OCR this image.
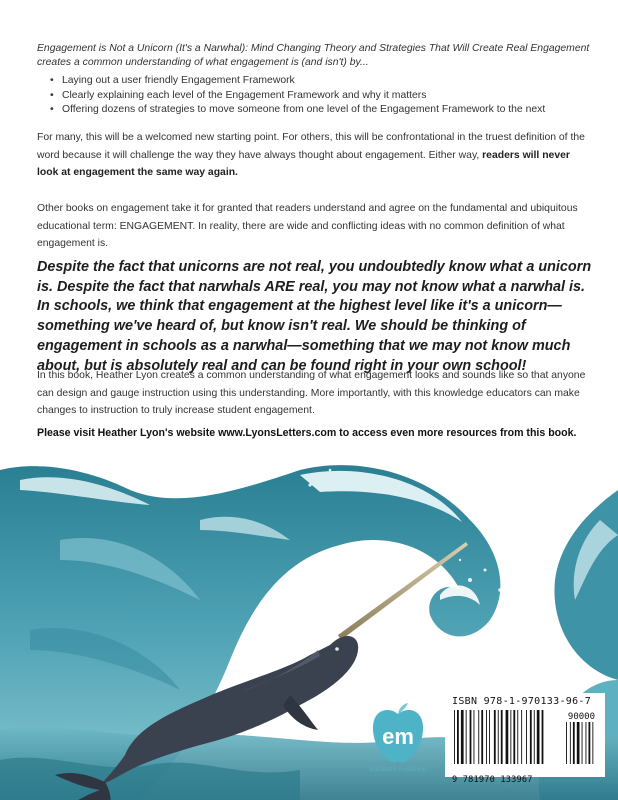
Engagement is Not a Unicorn (It's a Narwhal): Mind Changing Theory and Strategies That Will Create Real Engagement creates a common understanding of what engagement is (and isn't) by...
• Laying out a user friendly Engagement Framework
• Clearly explaining each level of the Engagement Framework and why it matters
• Offering dozens of strategies to move someone from one level of the Engagement Framework to the next
For many, this will be a welcomed new starting point. For others, this will be confrontational in the truest definition of the word because it will challenge the way they have always thought about engagement. Either way, readers will never look at engagement the same way again.
Other books on engagement take it for granted that readers understand and agree on the fundamental and ubiquitous educational term: ENGAGEMENT. In reality, there are wide and conflicting ideas with no common definition of what engagement is.
Despite the fact that unicorns are not real, you undoubtedly know what a unicorn is. Despite the fact that narwhals ARE real, you may not know what a narwhal is. In schools, we think that engagement at the highest level like it's a unicorn—something we've heard of, but know isn't real. We should be thinking of engagement in schools as a narwhal—something that we may not know much about, but is absolutely real and can be found right in your own school!
In this book, Heather Lyon creates a common understanding of what engagement looks and sounds like so that anyone can design and gauge instruction using this understanding. More importantly, with this knowledge educators can make changes to instruction to truly increase student engagement.
Please visit Heather Lyon's website www.LyonsLetters.com to access even more resources from this book.
em
EduMatch Publishing
ISBN 978-1-970133-96-7
90000
9 781970 133967
